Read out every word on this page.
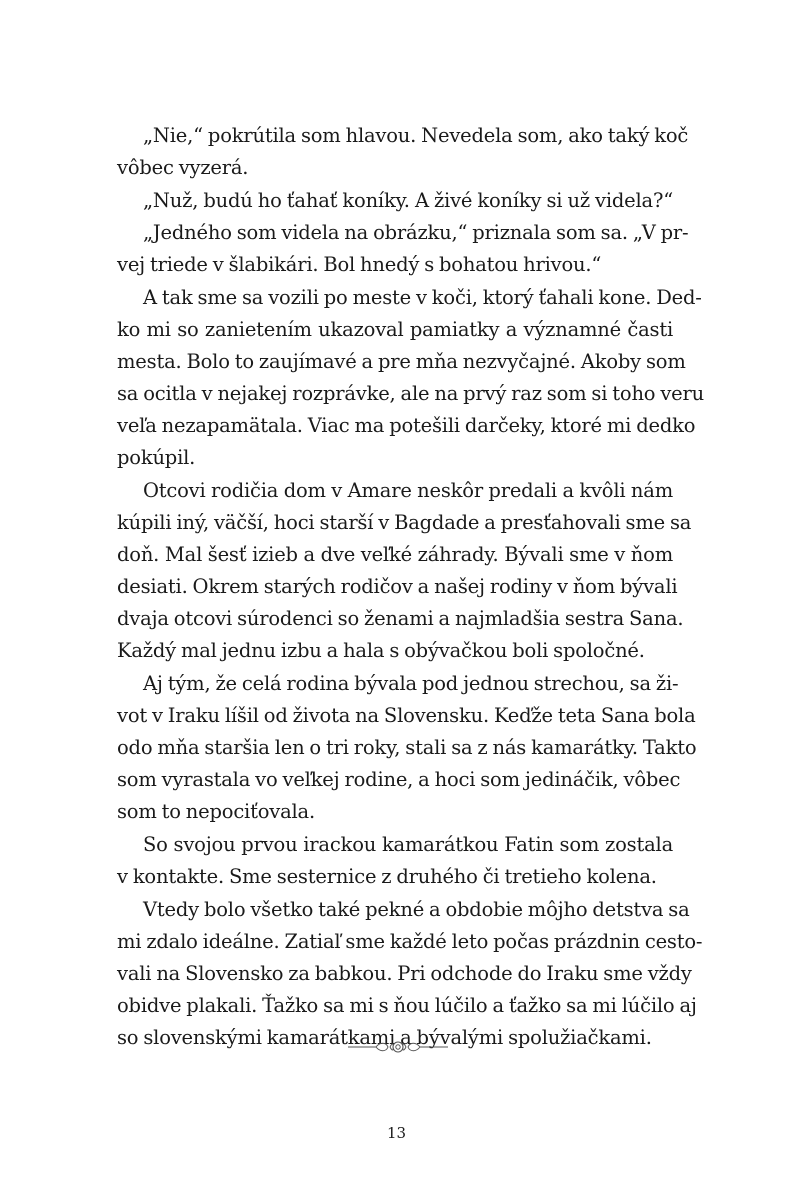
„Nie,“ pokrútila som hlavou. Nevedela som, ako taký koč
vôbec vyzerá.
„Nuž, budú ho ťahať koníky. A živé koníky si už videla?“
„Jedného som videla na obrázku,“ priznala som sa. „V pr-
vej triede v šlabikári. Bol hnedý s bohatou hrivou.“
A tak sme sa vozili po meste v koči, ktorý ťahali kone. Ded-
ko mi so zanietením ukazoval pamiatky a významné časti
mesta. Bolo to zaujímavé a pre mňa nezvyčajné. Akoby som
sa ocitla v nejakej rozprávke, ale na prvý raz som si toho veru
veľa nezapamätala. Viac ma potešili darčeky, ktoré mi dedko
pokúpil.
Otcovi rodičia dom v Amare neskôr predali a kvôli nám
kúpili iný, väčší, hoci starší v Bagdade a presťahovali sme sa
doň. Mal šesť izieb a dve veľké záhrady. Bývali sme v ňom
desiati. Okrem starých rodičov a našej rodiny v ňom bývali
dvaja otcovi súrodenci so ženami a najmladšia sestra Sana.
Každý mal jednu izbu a hala s obývačkou boli spoločné.
Aj tým, že celá rodina bývala pod jednou strechou, sa ži-
vot v Iraku líšil od života na Slovensku. Keďže teta Sana bola
odo mňa staršia len o tri roky, stali sa z nás kamarátky. Takto
som vyrastala vo veľkej rodine, a hoci som jedináčik, vôbec
som to nepociťovala.
So svojou prvou irackou kamarátkou Fatin som zostala
v kontakte. Sme sesternice z druhého či tretieho kolena.
Vtedy bolo všetko také pekné a obdobie môjho detstva sa
mi zdalo ideálne. Zatiaľ sme každé leto počas prázdnin cesto-
vali na Slovensko za babkou. Pri odchode do Iraku sme vždy
obidve plakali. Ťažko sa mi s ňou lúčilo a ťažko sa mi lúčilo aj
so slovenskými kamarátkami a bývalými spolužiačkami.
13
